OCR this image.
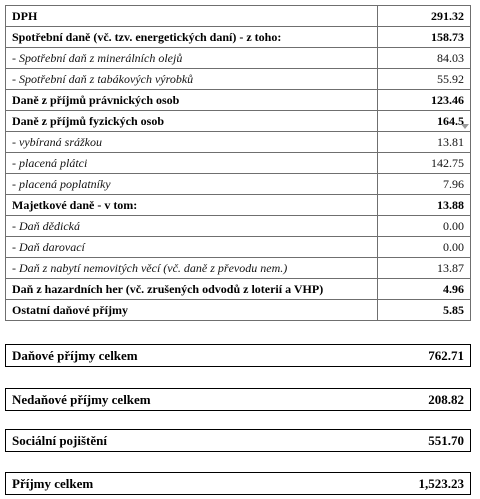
DPH	291.32
Spotřební daně (vč. tzv. energetických daní) - z toho:	158.73
- Spotřební daň z minerálních olejů	84.03
- Spotřební daň z tabákových výrobků	55.92
Daně z příjmů právnických osob	123.46
Daně z příjmů fyzických osob	164.5
- vybíraná srážkou	13.81
- placená plátci	142.75
- placená poplatníky	7.96
Majetkové daně - v tom:	13.88
- Daň dědická	0.00
- Daň darovací	0.00
- Daň z nabytí nemovitých věcí (vč. daně z převodu nem.)	13.87
Daň z hazardních her (vč. zrušených odvodů z loterií a VHP)	4.96
Ostatní daňové příjmy	5.85
Daňové příjmy celkem	762.71
Nedaňové příjmy celkem	208.82
Sociální pojištění	551.70
Příjmy celkem	1,523.23
